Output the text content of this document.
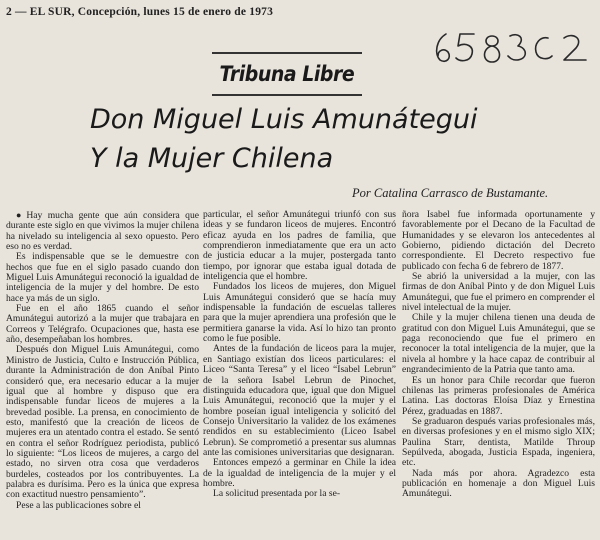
2 — EL SUR, Concepción, lunes 15 de enero de 1973
Tribuna Libre
Don Miguel Luis Amunátegui
Y la Mujer Chilena
Por Catalina Carrasco de Bustamante.

● Hay mucha gente que aún considera que durante este siglo en que vivimos la mujer chilena ha nivelado su inteligencia al sexo opuesto. Pero eso no es verdad.

Es indispensable que se le demuestre con hechos que fue en el siglo pasado cuando don Miguel Luis Amunátegui reconoció la igualdad de inteligencia de la mujer y del hombre. De esto hace ya más de un siglo.

Fue en el año 1865 cuando el señor Amunátegui autorizó a la mujer que trabajara en Correos y Telégrafo. Ocupaciones que, hasta ese año, desempeñaban los hombres.

Después don Miguel Luis Amunátegui, como Ministro de Justicia, Culto e Instrucción Pública, durante la Administración de don Aníbal Pinto consideró que, era necesario educar a la mujer igual que al hombre y dispuso que era indispensable fundar liceos de mujeres a la brevedad posible. La prensa, en conocimiento de esto, manifestó que la creación de liceos de mujeres era un atentado contra el estado. Se sentó en contra el señor Rodríguez periodista, publicó lo siguiente: “Los liceos de mujeres, a cargo del estado, no sirven otra cosa que verdaderos burdeles, costeados por los contribuyentes. La palabra es durísima. Pero es la única que expresa con exactitud nuestro pensamiento”.

Pese a las publicaciones sobre el

particular, el señor Amunátegui triunfó con sus ideas y se fundaron liceos de mujeres. Encontró eficaz ayuda en los padres de familia, que comprendieron inmediatamente que era un acto de justicia educar a la mujer, postergada tanto tiempo, por ignorar que estaba igual dotada de inteligencia que el hombre.

Fundados los liceos de mujeres, don Miguel Luis Amunátegui consideró que se hacía muy indispensable la fundación de escuelas talleres para que la mujer aprendiera una profesión que le permitiera ganarse la vida. Así lo hizo tan pronto como le fue posible.

Antes de la fundación de liceos para la mujer, en Santiago existían dos liceos particulares: el Liceo “Santa Teresa” y el liceo “Isabel Lebrun” de la señora Isabel Lebrun de Pinochet, distinguida educadora que, igual que don Miguel Luis Amunátegui, reconoció que la mujer y el hombre poseían igual inteligencia y solicitó del Consejo Universitario la validez de los exámenes rendidos en su establecimiento (Liceo Isabel Lebrun). Se comprometió a presentar sus alumnas ante las comisiones universitarias que designaran.

Entonces empezó a germinar en Chile la idea de la igualdad de inteligencia de la mujer y el hombre.

La solicitud presentada por la se-

ñora Isabel fue informada oportunamente y favorablemente por el Decano de la Facultad de Humanidades y se elevaron los antecedentes al Gobierno, pidiendo dictación del Decreto correspondiente. El Decreto respectivo fue publicado con fecha 6 de febrero de 1877.

Se abrió la universidad a la mujer, con las firmas de don Aníbal Pinto y de don Miguel Luis Amunátegui, que fue el primero en comprender el nivel intelectual de la mujer.

Chile y la mujer chilena tienen una deuda de gratitud con don Miguel Luis Amunátegui, que se paga reconociendo que fue el primero en reconocer la total inteligencia de la mujer, que la nivela al hombre y la hace capaz de contribuir al engrandecimiento de la Patria que tanto ama.

Es un honor para Chile recordar que fueron chilenas las primeras profesionales de América Latina. Las doctoras Eloísa Díaz y Ernestina Pérez, graduadas en 1887.

Se graduaron después varias profesionales más, en diversas profesiones y en el mismo siglo XIX; Paulina Starr, dentista, Matilde Throup Sepúlveda, abogada, Justicia Espada, ingeniera, etc.

Nada más por ahora. Agradezco esta publicación en homenaje a don Miguel Luis Amunátegui.
